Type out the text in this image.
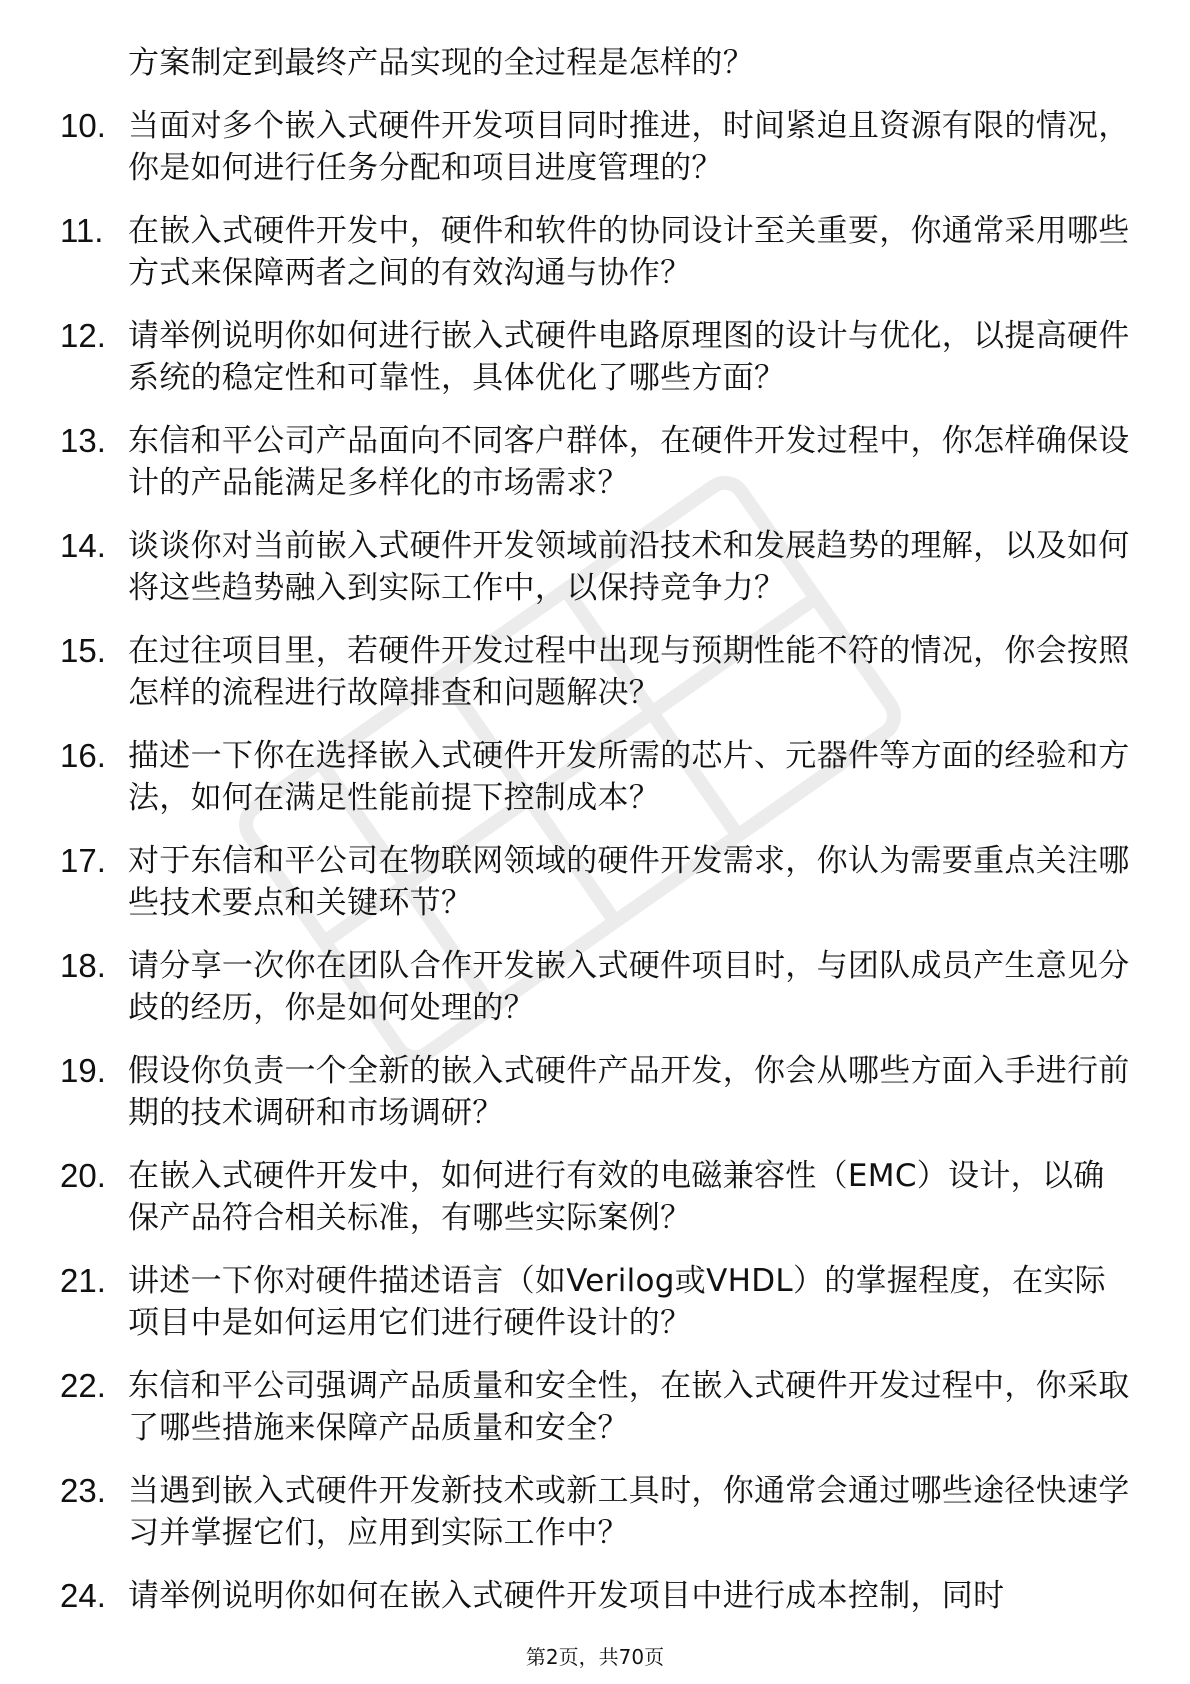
方案制定到最终产品实现的全过程是怎样的？
10. 当面对多个嵌入式硬件开发项目同时推进，时间紧迫且资源有限的情况，你是如何进行任务分配和项目进度管理的？
11. 在嵌入式硬件开发中，硬件和软件的协同设计至关重要，你通常采用哪些方式来保障两者之间的有效沟通与协作？
12. 请举例说明你如何进行嵌入式硬件电路原理图的设计与优化，以提高硬件系统的稳定性和可靠性，具体优化了哪些方面？
13. 东信和平公司产品面向不同客户群体，在硬件开发过程中，你怎样确保设计的产品能满足多样化的市场需求？
14. 谈谈你对当前嵌入式硬件开发领域前沿技术和发展趋势的理解，以及如何将这些趋势融入到实际工作中，以保持竞争力？
15. 在过往项目里，若硬件开发过程中出现与预期性能不符的情况，你会按照怎样的流程进行故障排查和问题解决？
16. 描述一下你在选择嵌入式硬件开发所需的芯片、元器件等方面的经验和方法，如何在满足性能前提下控制成本？
17. 对于东信和平公司在物联网领域的硬件开发需求，你认为需要重点关注哪些技术要点和关键环节？
18. 请分享一次你在团队合作开发嵌入式硬件项目时，与团队成员产生意见分歧的经历，你是如何处理的？
19. 假设你负责一个全新的嵌入式硬件产品开发，你会从哪些方面入手进行前期的技术调研和市场调研？
20. 在嵌入式硬件开发中，如何进行有效的电磁兼容性（EMC）设计，以确保产品符合相关标准，有哪些实际案例？
21. 讲述一下你对硬件描述语言（如Verilog或VHDL）的掌握程度，在实际项目中是如何运用它们进行硬件设计的？
22. 东信和平公司强调产品质量和安全性，在嵌入式硬件开发过程中，你采取了哪些措施来保障产品质量和安全？
23. 当遇到嵌入式硬件开发新技术或新工具时，你通常会通过哪些途径快速学习并掌握它们，应用到实际工作中？
24. 请举例说明你如何在嵌入式硬件开发项目中进行成本控制，同时
第2页，共70页
